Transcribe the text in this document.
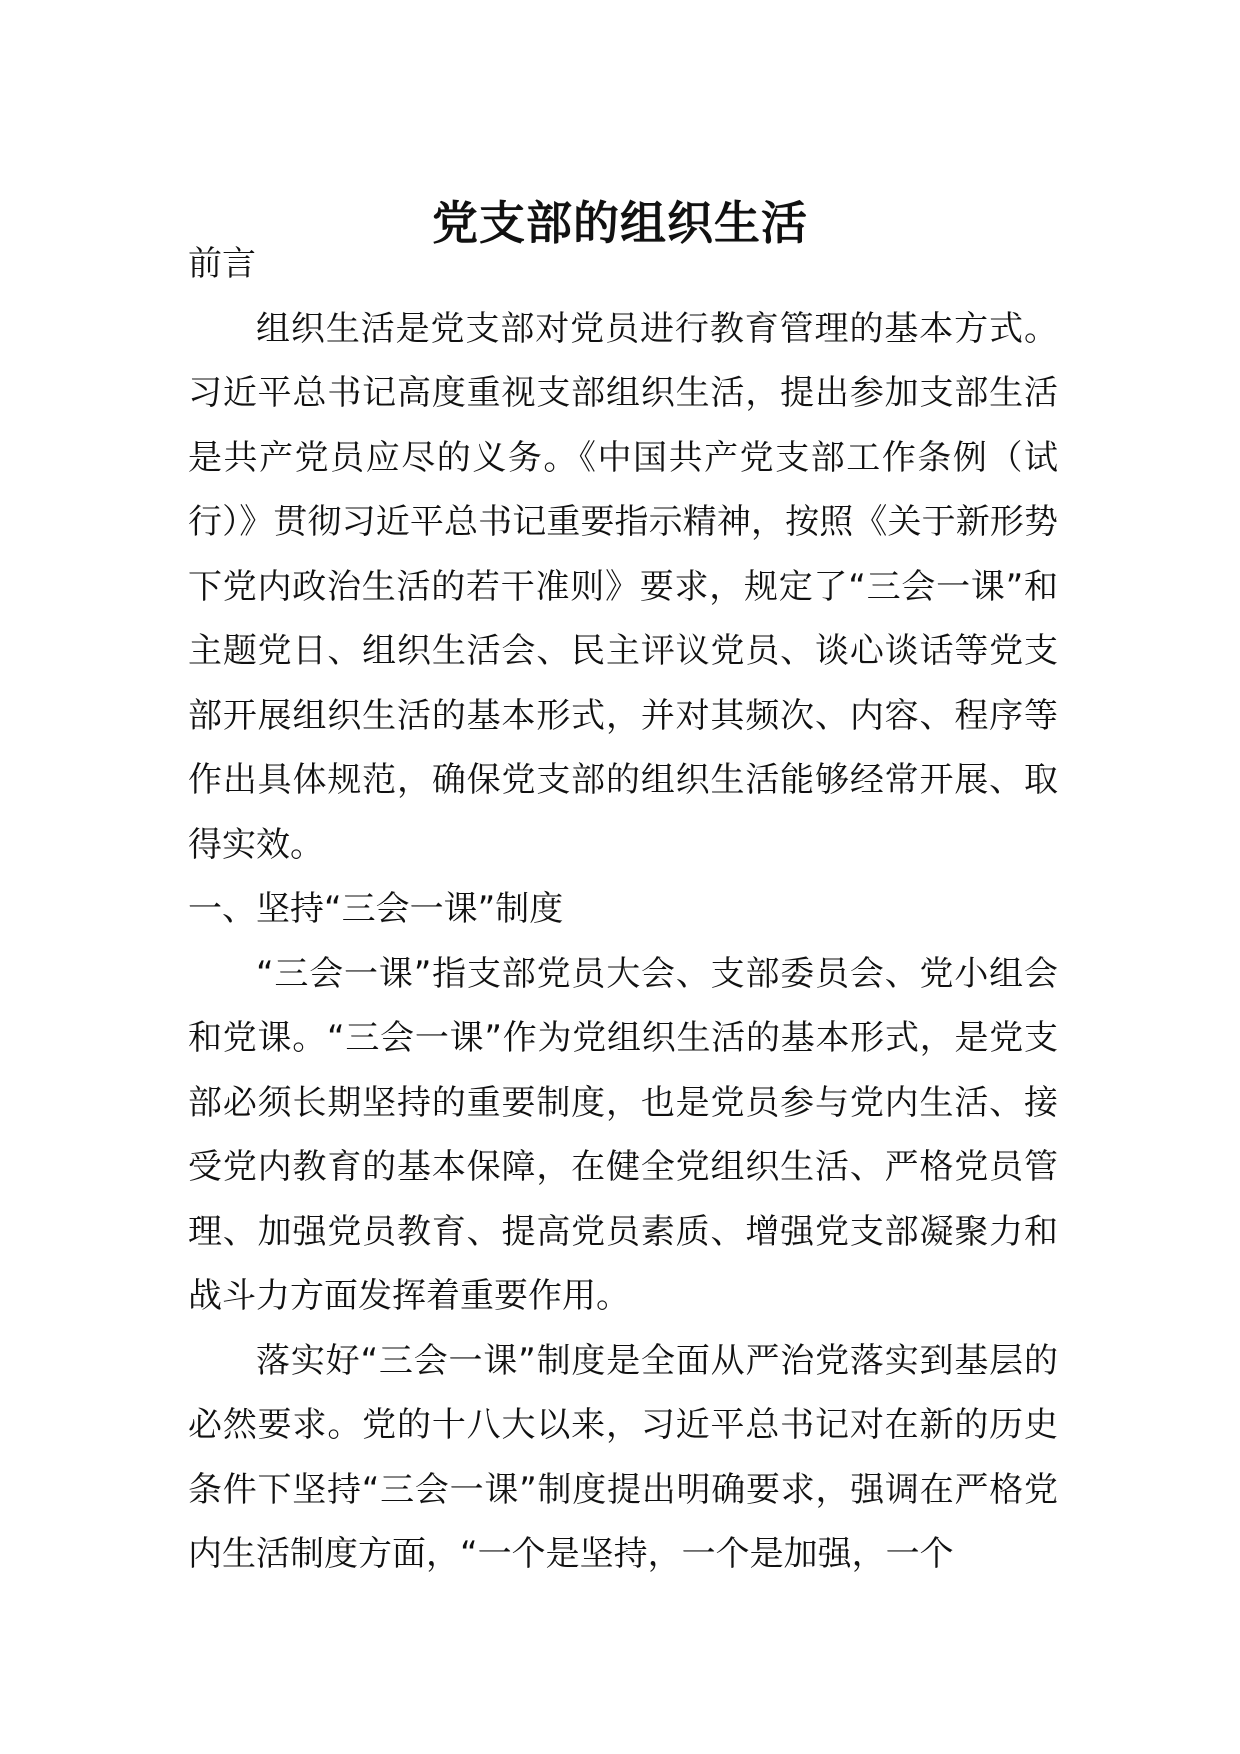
党支部的组织生活

前言

组织生活是党支部对党员进行教育管理的基本方式。习近平总书记高度重视支部组织生活，提出参加支部生活是共产党员应尽的义务。《中国共产党支部工作条例（试行）》贯彻习近平总书记重要指示精神，按照《关于新形势下党内政治生活的若干准则》要求，规定了“三会一课”和主题党日、组织生活会、民主评议党员、谈心谈话等党支部开展组织生活的基本形式，并对其频次、内容、程序等作出具体规范，确保党支部的组织生活能够经常开展、取得实效。

一、坚持“三会一课”制度

“三会一课”指支部党员大会、支部委员会、党小组会和党课。“三会一课”作为党组织生活的基本形式，是党支部必须长期坚持的重要制度，也是党员参与党内生活、接受党内教育的基本保障，在健全党组织生活、严格党员管理、加强党员教育、提高党员素质、增强党支部凝聚力和战斗力方面发挥着重要作用。

落实好“三会一课”制度是全面从严治党落实到基层的必然要求。党的十八大以来，习近平总书记对在新的历史条件下坚持“三会一课”制度提出明确要求，强调在严格党内生活制度方面，“一个是坚持，一个是加强，一个
